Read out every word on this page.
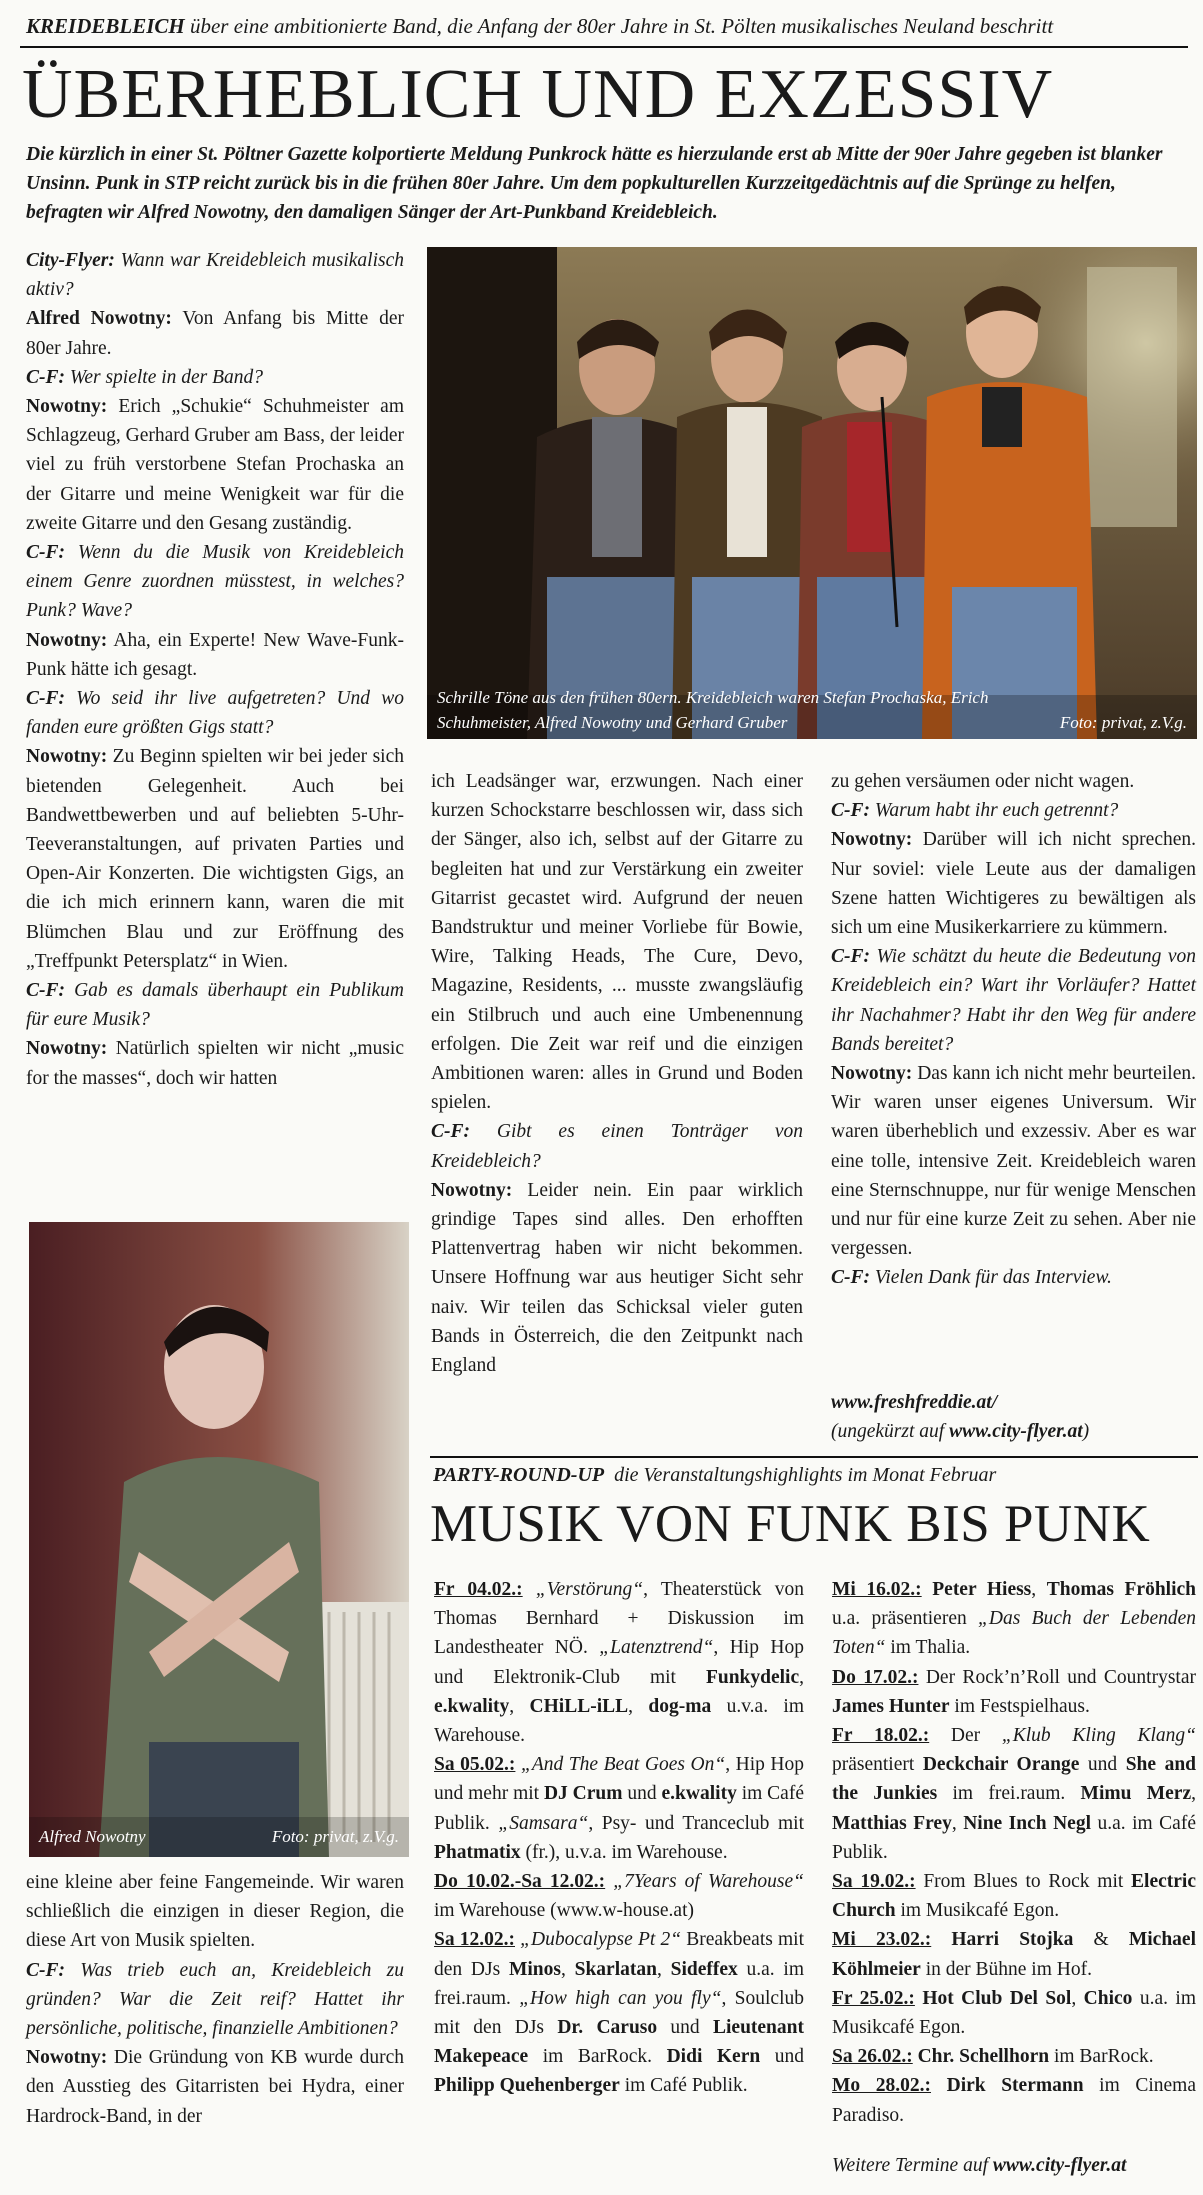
KREIDEBLEICH über eine ambitionierte Band, die Anfang der 80er Jahre in St. Pölten musikalisches Neuland beschritt
ÜBERHEBLICH UND EXZESSIV
Die kürzlich in einer St. Pöltner Gazette kolportierte Meldung Punkrock hätte es hierzulande erst ab Mitte der 90er Jahre gegeben ist blanker Unsinn. Punk in STP reicht zurück bis in die frühen 80er Jahre. Um dem popkulturellen Kurzzeitgedächtnis auf die Sprünge zu helfen, befragten wir Alfred Nowotny, den damaligen Sänger der Art-Punkband Kreidebleich.

City-Flyer: Wann war Kreidebleich musikalisch aktiv?

Alfred Nowotny: Von Anfang bis Mitte der 80er Jahre.

C-F: Wer spielte in der Band?

Nowotny: Erich „Schukie“ Schuhmeister am Schlagzeug, Gerhard Gruber am Bass, der leider viel zu früh verstorbene Stefan Prochaska an der Gitarre und meine Wenigkeit war für die zweite Gitarre und den Gesang zuständig.

C-F: Wenn du die Musik von Kreidebleich einem Genre zuordnen müsstest, in welches? Punk? Wave?

Nowotny: Aha, ein Experte! New Wave-Funk-Punk hätte ich gesagt.

C-F: Wo seid ihr live aufgetreten? Und wo fanden eure größten Gigs statt?

Nowotny: Zu Beginn spielten wir bei jeder sich bietenden Gelegenheit. Auch bei Bandwettbewerben und auf beliebten 5-Uhr-Teeveranstaltungen, auf privaten Parties und Open-Air Konzerten. Die wichtigsten Gigs, an die ich mich erinnern kann, waren die mit Blümchen Blau und zur Eröffnung des „Treffpunkt Petersplatz“ in Wien.

C-F: Gab es damals überhaupt ein Publikum für eure Musik?

Nowotny: Natürlich spielten wir nicht „music for the masses“, doch wir hatten

Schrille Töne aus den frühen 80ern. Kreidebleich waren Stefan Prochaska, Erich
Schuhmeister, Alfred Nowotny und Gerhard Gruber	Foto: privat, z.V.g.
Alfred Nowotny	Foto: privat, z.V.g.

eine kleine aber feine Fangemeinde. Wir waren schließlich die einzigen in dieser Region, die diese Art von Musik spielten.

C-F: Was trieb euch an, Kreidebleich zu gründen? War die Zeit reif? Hattet ihr persönliche, politische, finanzielle Ambitionen?

Nowotny: Die Gründung von KB wurde durch den Ausstieg des Gitarristen bei Hydra, einer Hardrock-Band, in der

ich Leadsänger war, erzwungen. Nach einer kurzen Schockstarre beschlossen wir, dass sich der Sänger, also ich, selbst auf der Gitarre zu begleiten hat und zur Verstärkung ein zweiter Gitarrist gecastet wird. Aufgrund der neuen Bandstruktur und meiner Vorliebe für Bowie, Wire, Talking Heads, The Cure, Devo, Magazine, Residents, ... musste zwangsläufig ein Stilbruch und auch eine Umbenennung erfolgen. Die Zeit war reif und die einzigen Ambitionen waren: alles in Grund und Boden spielen.

C-F: Gibt es einen Tonträger von Kreidebleich?

Nowotny: Leider nein. Ein paar wirklich grindige Tapes sind alles. Den erhofften Plattenvertrag haben wir nicht bekommen. Unsere Hoffnung war aus heutiger Sicht sehr naiv. Wir teilen das Schicksal vieler guten Bands in Österreich, die den Zeitpunkt nach England

zu gehen versäumen oder nicht wagen.

C-F: Warum habt ihr euch getrennt?

Nowotny: Darüber will ich nicht sprechen. Nur soviel: viele Leute aus der damaligen Szene hatten Wichtigeres zu bewältigen als sich um eine Musikerkarriere zu kümmern.

C-F: Wie schätzt du heute die Bedeutung von Kreidebleich ein? Wart ihr Vorläufer? Hattet ihr Nachahmer? Habt ihr den Weg für andere Bands bereitet?

Nowotny: Das kann ich nicht mehr beurteilen. Wir waren unser eigenes Universum. Wir waren überheblich und exzessiv. Aber es war eine tolle, intensive Zeit. Kreidebleich waren eine Sternschnuppe, nur für wenige Menschen und nur für eine kurze Zeit zu sehen. Aber nie vergessen.

C-F: Vielen Dank für das Interview.

www.freshfreddie.at/
(ungekürzt auf www.city-flyer.at)
PARTY-ROUND-UP die Veranstaltungshighlights im Monat Februar
MUSIK VON FUNK BIS PUNK

Fr 04.02.: „Verstörung“, Theaterstück von Thomas Bernhard + Diskussion im Landestheater NÖ. „Latenztrend“, Hip Hop und Elektronik-Club mit Funkydelic, e.kwality, CHiLL-iLL, dog-ma u.v.a. im Warehouse.

Sa 05.02.: „And The Beat Goes On“, Hip Hop und mehr mit DJ Crum und e.kwality im Café Publik. „Samsara“, Psy- und Tranceclub mit Phatmatix (fr.), u.v.a. im Warehouse.

Do 10.02.-Sa 12.02.: „7Years of Warehouse“ im Warehouse (www.w-house.at)

Sa 12.02.: „Dubocalypse Pt 2“ Breakbeats mit den DJs Minos, Skarlatan, Sideffex u.a. im frei.raum. „How high can you fly“, Soulclub mit den DJs Dr. Caruso und Lieutenant Makepeace im BarRock. Didi Kern und Philipp Quehenberger im Café Publik.

Mi 16.02.: Peter Hiess, Thomas Fröhlich u.a. präsentieren „Das Buch der Lebenden Toten“ im Thalia.

Do 17.02.: Der Rock’n’Roll und Countrystar James Hunter im Festspielhaus.

Fr 18.02.: Der „Klub Kling Klang“ präsentiert Deckchair Orange und She and the Junkies im frei.raum. Mimu Merz, Matthias Frey, Nine Inch Negl u.a. im Café Publik.

Sa 19.02.: From Blues to Rock mit Electric Church im Musikcafé Egon.

Mi 23.02.: Harri Stojka & Michael Köhlmeier in der Bühne im Hof.

Fr 25.02.: Hot Club Del Sol, Chico u.a. im Musikcafé Egon.

Sa 26.02.: Chr. Schellhorn im BarRock.

Mo 28.02.: Dirk Stermann im Cinema Paradiso.

Weitere Termine auf www.city-flyer.at
